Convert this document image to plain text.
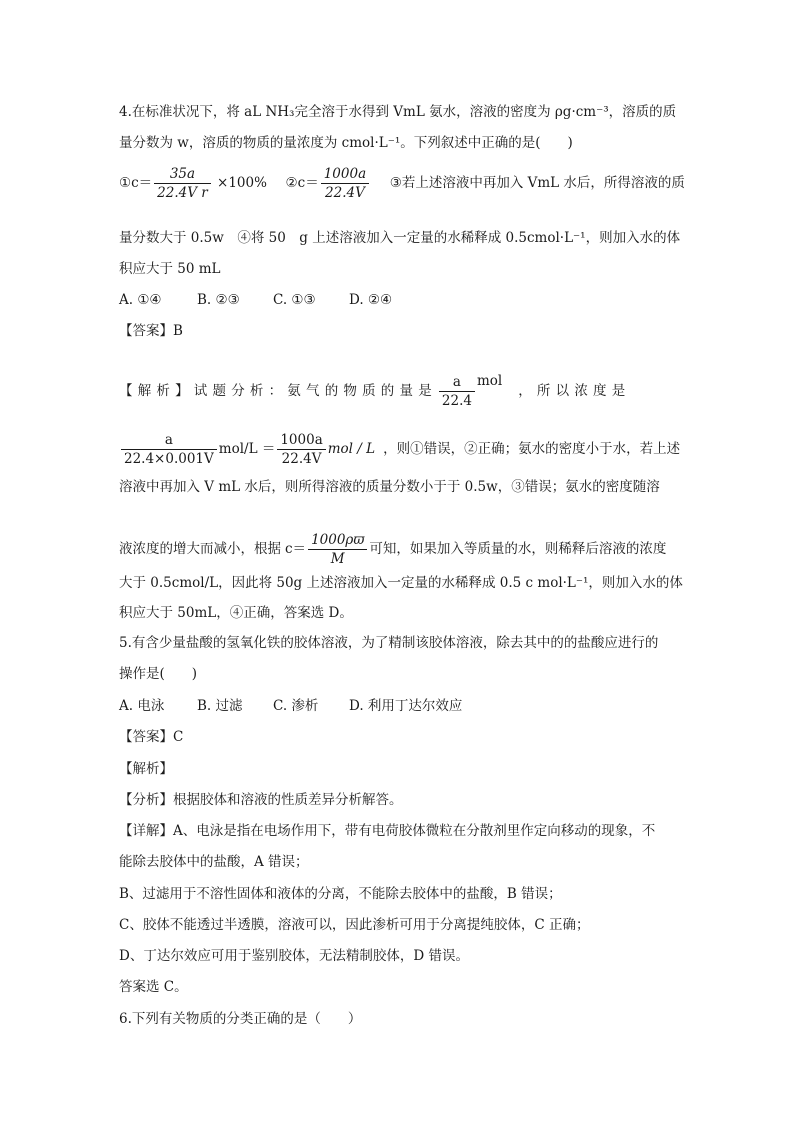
4.在标准状况下，将 aL NH₃完全溶于水得到 VmL 氨水，溶液的密度为 ρg·cm⁻³，溶质的质
量分数为 w，溶质的物质的量浓度为 cmol·L⁻¹。下列叙述中正确的是(　　)
①c＝ $\frac{35a}{\text{22.4V r}} \times 100\%$ ②c＝ $\frac{1000a}{22.4V}$ ③若上述溶液中再加入 VmL 水后，所得溶液的质
量分数大于 0.5w　④将 50　g 上述溶液加入一定量的水稀释成 0.5cmol·L⁻¹，则加入水的体
积应大于 50 mL
A. ①④	B. ②③ C. ①③ D. ②④
【答案】B
【解析】试题分析：氨气的物质的量是 $\frac{a}{22.4}$ mol，所以浓度是
$\frac{a}{22.4\times 0.001V} mol/L = \frac{1000a}{22.4V}$ mol / L ，则①错误，②正确；氨水的密度小于水，若上述
溶液中再加入 V mL 水后，则所得溶液的质量分数小于于 0.5w，③错误；氨水的密度随溶
液浓度的增大而减小，根据 $c= \frac{1000\rho ϖ}{M}$ 可知，如果加入等质量的水，则稀释后溶液的浓度
大于 0.5cmol/L，因此将 50g 上述溶液加入一定量的水稀释成 0.5 c mol·L⁻¹，则加入水的体
积应大于 50mL，④正确，答案选 D。
5.有含少量盐酸的氢氧化铁的胶体溶液，为了精制该胶体溶液，除去其中的的盐酸应进行的
操作是(　　)
A. 电泳 B. 过滤 C. 渗析 D. 利用丁达尔效应
【答案】C
【解析】
【分析】根据胶体和溶液的性质差异分析解答。
【详解】A、电泳是指在电场作用下，带有电荷胶体微粒在分散剂里作定向移动的现象，不
能除去胶体中的盐酸，A 错误；
B、过滤用于不溶性固体和液体的分离，不能除去胶体中的盐酸，B 错误；
C、胶体不能透过半透膜，溶液可以，因此渗析可用于分离提纯胶体，C 正确；
D、丁达尔效应可用于鉴别胶体，无法精制胶体，D 错误。
答案选 C。
6.下列有关物质的分类正确的是（　　）
